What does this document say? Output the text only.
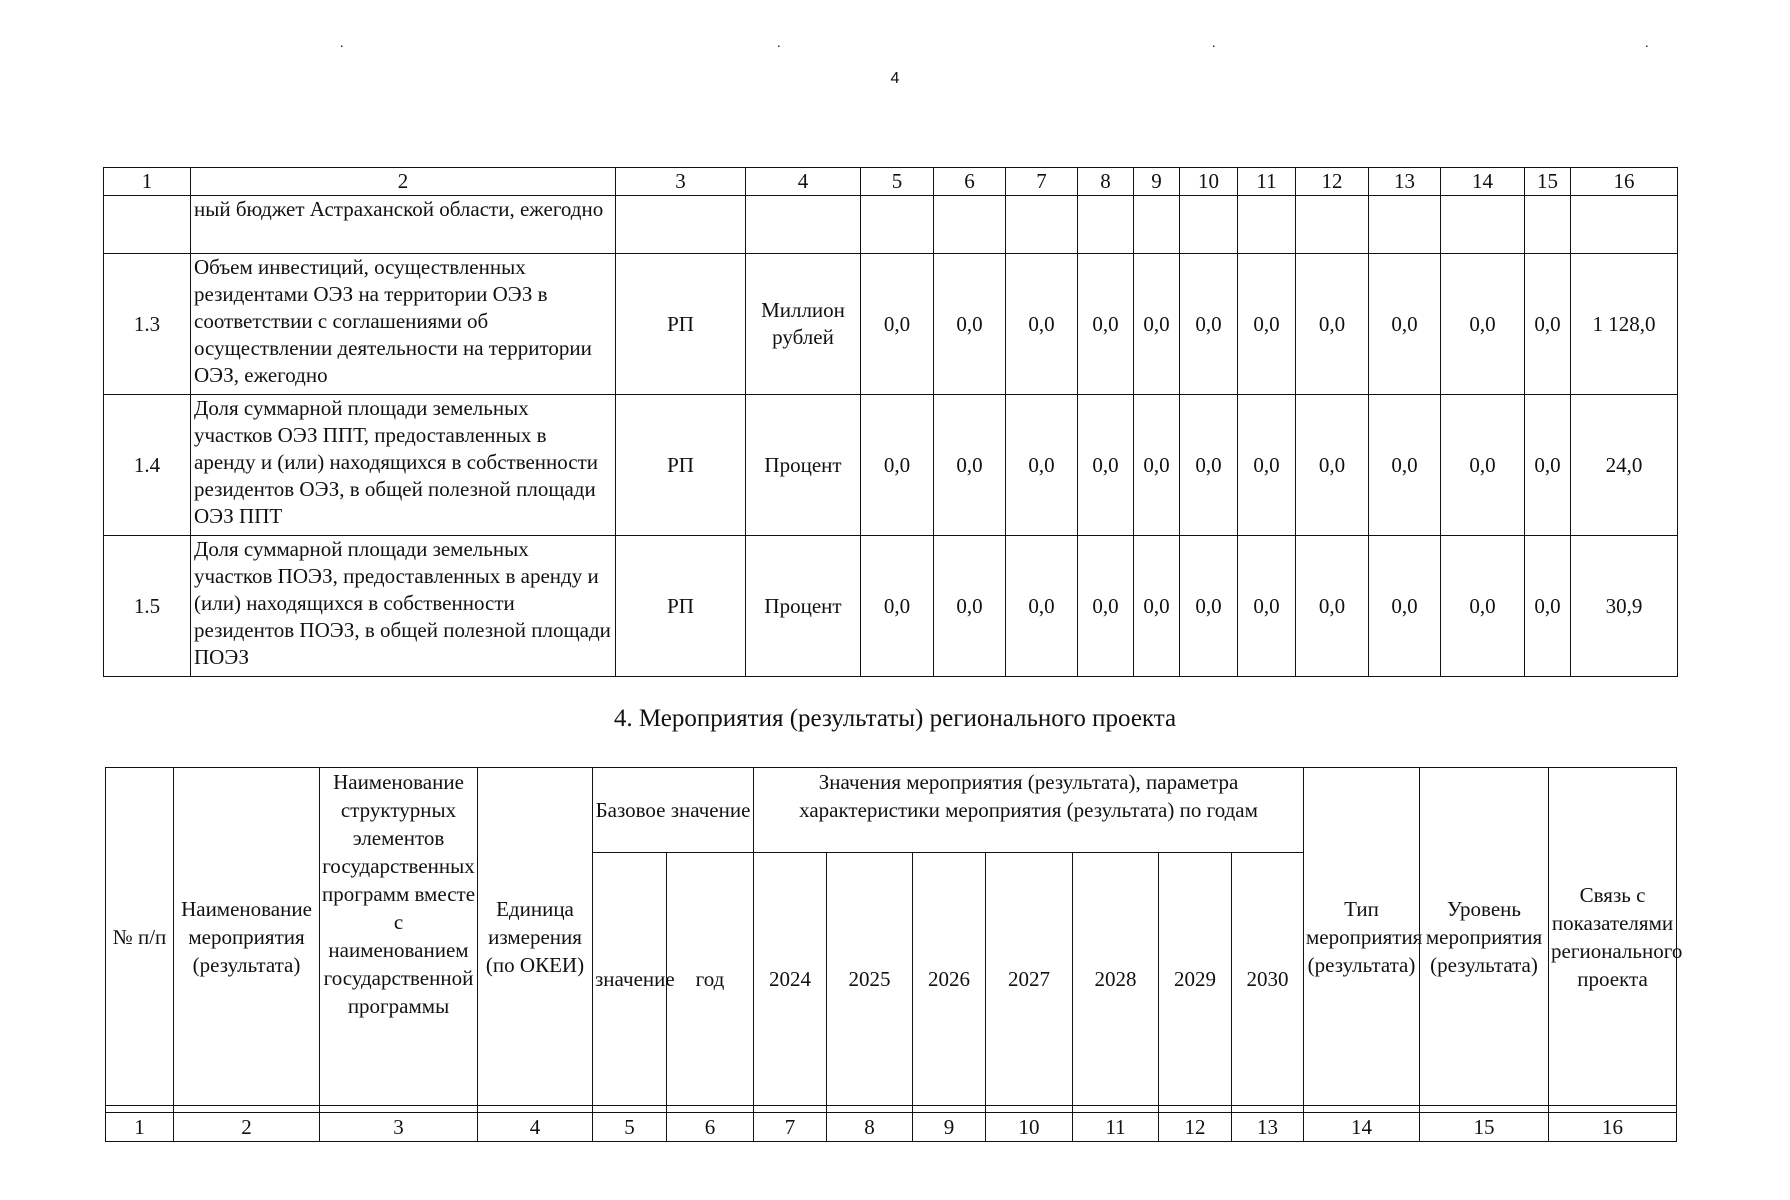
.	.	.	.
4
1	2	3	4	5	6	7	8	9	10	11	12	13	14	15	16
	ный бюджет Астраханской области, ежегодно														
1.3	Объем инвестиций, осуществленных резидентами ОЭЗ на территории ОЭЗ в соответствии с соглашениями об осуществлении деятельности на территории ОЭЗ, ежегодно	РП	Миллион рублей	0,0	0,0	0,0	0,0	0,0	0,0	0,0	0,0	0,0	0,0	0,0	1 128,0
1.4	Доля суммарной площади земельных участков ОЭЗ ППТ, предоставленных в аренду и (или) находящихся в собственности резидентов ОЭЗ, в общей полезной площади ОЭЗ ППТ	РП	Процент	0,0	0,0	0,0	0,0	0,0	0,0	0,0	0,0	0,0	0,0	0,0	24,0
1.5	Доля суммарной площади земельных участков ПОЭЗ, предоставленных в аренду и (или) находящихся в собственности резидентов ПОЭЗ, в общей полезной площади ПОЭЗ	РП	Процент	0,0	0,0	0,0	0,0	0,0	0,0	0,0	0,0	0,0	0,0	0,0	30,9
4. Мероприятия (результаты) регионального проекта
№ п/п	Наименование мероприятия (результата)	Наименование структурных элементов государственных программ вместе с наименованием государственной программы	Единица измерения (по ОКЕИ)	Базовое значение		Значения мероприятия (результата), параметра характеристики мероприятия (результата) по годам							Тип мероприятия (результата)	Уровень мероприятия (результата)	Связь с показателями регионального проекта
				значение	год	2024	2025	2026	2027	2028	2029	2030			

1	2	3	4	5	6	7	8	9	10	11	12	13	14	15	16
